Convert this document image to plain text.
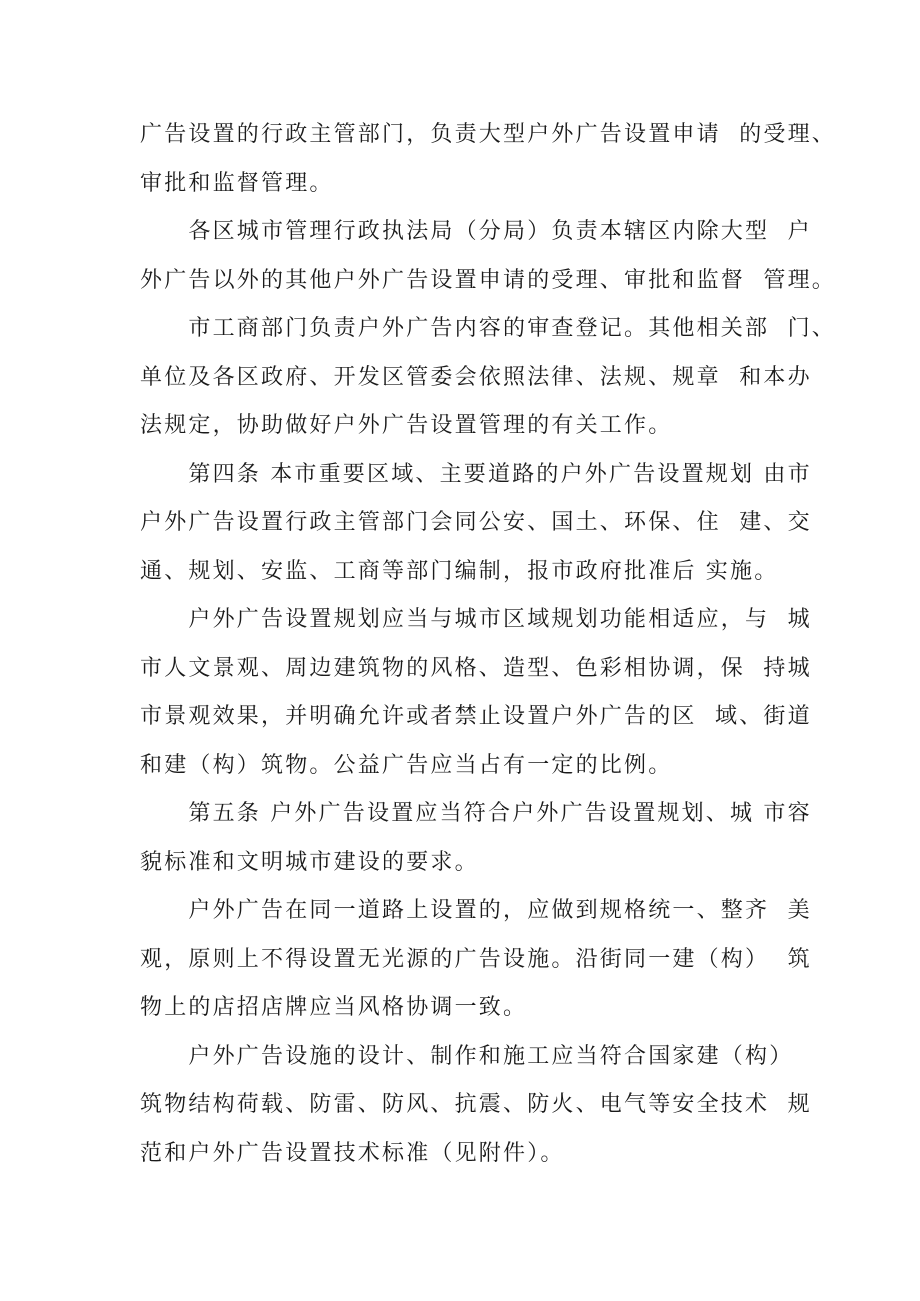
广告设置的行政主管部门，负责大型户外广告设置申请  的受理、
审批和监督管理。
　　各区城市管理行政执法局（分局）负责本辖区内除大型  户
外广告以外的其他户外广告设置申请的受理、审批和监督  管理。
　　市工商部门负责户外广告内容的审查登记。其他相关部  门、
单位及各区政府、开发区管委会依照法律、法规、规章  和本办
法规定，协助做好户外广告设置管理的有关工作。
　　第四条 本市重要区域、主要道路的户外广告设置规划 由市
户外广告设置行政主管部门会同公安、国土、环保、住  建、交
通、规划、安监、工商等部门编制，报市政府批准后 实施。
　　户外广告设置规划应当与城市区域规划功能相适应，与  城
市人文景观、周边建筑物的风格、造型、色彩相协调，保  持城
市景观效果，并明确允许或者禁止设置户外广告的区  域、街道
和建（构）筑物。公益广告应当占有一定的比例。
　　第五条 户外广告设置应当符合户外广告设置规划、城 市容
貌标准和文明城市建设的要求。
　　户外广告在同一道路上设置的，应做到规格统一、整齐  美
观，原则上不得设置无光源的广告设施。沿街同一建（构）  筑
物上的店招店牌应当风格协调一致。
　　户外广告设施的设计、制作和施工应当符合国家建（构）
筑物结构荷载、防雷、防风、抗震、防火、电气等安全技术  规
范和户外广告设置技术标准（见附件）。
